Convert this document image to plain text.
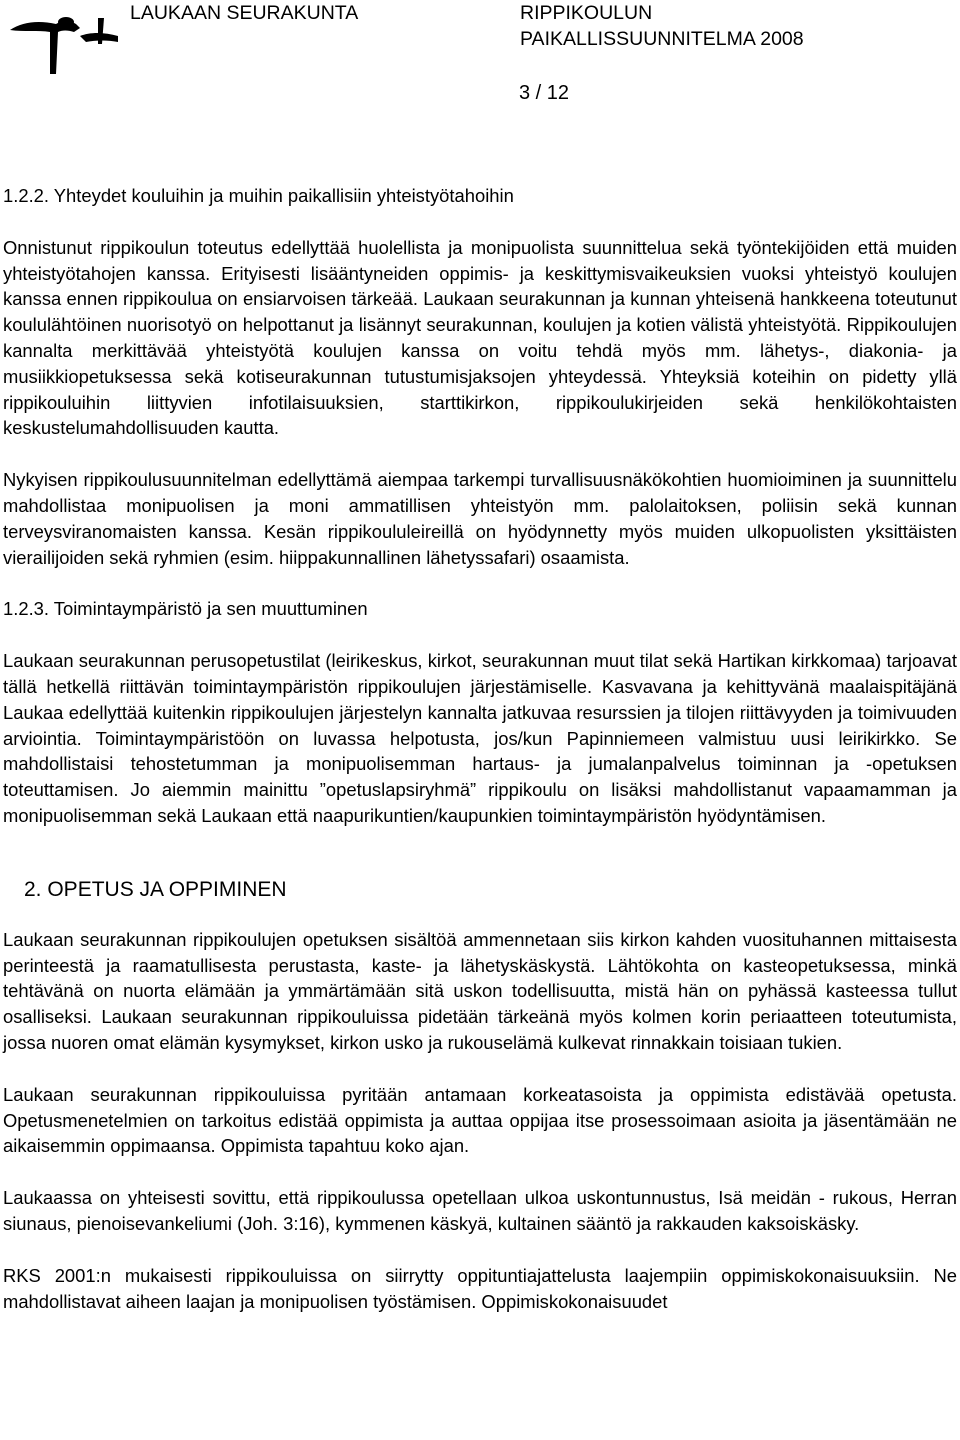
LAUKAAN SEURAKUNTA	RIPPIKOULUN
PAIKALLISSUUNNITELMA 2008
3 / 12
1.2.2. Yhteydet kouluihin ja muihin paikallisiin yhteistyötahoihin

Onnistunut rippikoulun toteutus edellyttää huolellista ja monipuolista suunnittelua sekä työntekijöiden että muiden yhteistyötahojen kanssa. Erityisesti lisääntyneiden oppimis- ja keskittymisvaikeuksien vuoksi yhteistyö koulujen kanssa ennen rippikoulua on ensiarvoisen tärkeää. Laukaan seurakunnan ja kunnan yhteisenä hankkeena toteutunut koululähtöinen nuorisotyö on helpottanut ja lisännyt seurakunnan, koulujen ja kotien välistä yhteistyötä. Rippikoulujen kannalta merkittävää yhteistyötä koulujen kanssa on voitu tehdä myös mm. lähetys-, diakonia- ja musiikkiopetuksessa sekä kotiseurakunnan tutustumisjaksojen yhteydessä. Yhteyksiä koteihin on pidetty yllä rippikouluihin liittyvien infotilaisuuksien, starttikirkon, rippikoulukirjeiden sekä henkilökohtaisten keskustelumahdollisuuden kautta.

Nykyisen rippikoulusuunnitelman edellyttämä aiempaa tarkempi turvallisuusnäkökohtien huomioiminen ja suunnittelu mahdollistaa monipuolisen ja moni ammatillisen yhteistyön mm. palolaitoksen, poliisin sekä kunnan terveysviranomaisten kanssa. Kesän rippikoululeireillä on hyödynnetty myös muiden ulkopuolisten yksittäisten vierailijoiden sekä ryhmien (esim. hiippakunnallinen lähetyssafari) osaamista.

1.2.3. Toimintaympäristö ja sen muuttuminen

Laukaan seurakunnan perusopetustilat (leirikeskus, kirkot, seurakunnan muut tilat sekä Hartikan kirkkomaa) tarjoavat tällä hetkellä riittävän toimintaympäristön rippikoulujen järjestämiselle. Kasvavana ja kehittyvänä maalaispitäjänä Laukaa edellyttää kuitenkin rippikoulujen järjestelyn kannalta jatkuvaa resurssien ja tilojen riittävyyden ja toimivuuden arviointia. Toimintaympäristöön on luvassa helpotusta, jos/kun Papinniemeen valmistuu uusi leirikirkko. Se mahdollistaisi tehostetumman ja monipuolisemman hartaus- ja jumalanpalvelus toiminnan ja -opetuksen toteuttamisen. Jo aiemmin mainittu ”opetuslapsiryhmä” rippikoulu on lisäksi mahdollistanut vapaamamman ja monipuolisemman sekä Laukaan että naapurikuntien/kaupunkien toimintaympäristön hyödyntämisen.

2. OPETUS JA OPPIMINEN

Laukaan seurakunnan rippikoulujen opetuksen sisältöä ammennetaan siis kirkon kahden vuosituhannen mittaisesta perinteestä ja raamatullisesta perustasta, kaste- ja lähetyskäskystä. Lähtökohta on kasteopetuksessa, minkä tehtävänä on nuorta elämään ja ymmärtämään sitä uskon todellisuutta, mistä hän on pyhässä kasteessa tullut osalliseksi. Laukaan seurakunnan rippikouluissa pidetään tärkeänä myös kolmen korin periaatteen toteutumista, jossa nuoren omat elämän kysymykset, kirkon usko ja rukouselämä kulkevat rinnakkain toisiaan tukien.

Laukaan seurakunnan rippikouluissa pyritään antamaan korkeatasoista ja oppimista edistävää opetusta. Opetusmenetelmien on tarkoitus edistää oppimista ja auttaa oppijaa itse prosessoimaan asioita ja jäsentämään ne aikaisemmin oppimaansa. Oppimista tapahtuu koko ajan.

Laukaassa on yhteisesti sovittu, että rippikoulussa opetellaan ulkoa uskontunnustus, Isä meidän - rukous, Herran siunaus, pienoisevankeliumi (Joh. 3:16), kymmenen käskyä, kultainen sääntö ja rakkauden kaksoiskäsky.

RKS 2001:n mukaisesti rippikouluissa on siirrytty oppituntiajattelusta laajempiin oppimiskokonaisuuksiin. Ne mahdollistavat aiheen laajan ja monipuolisen työstämisen. Oppimiskokonaisuudet
